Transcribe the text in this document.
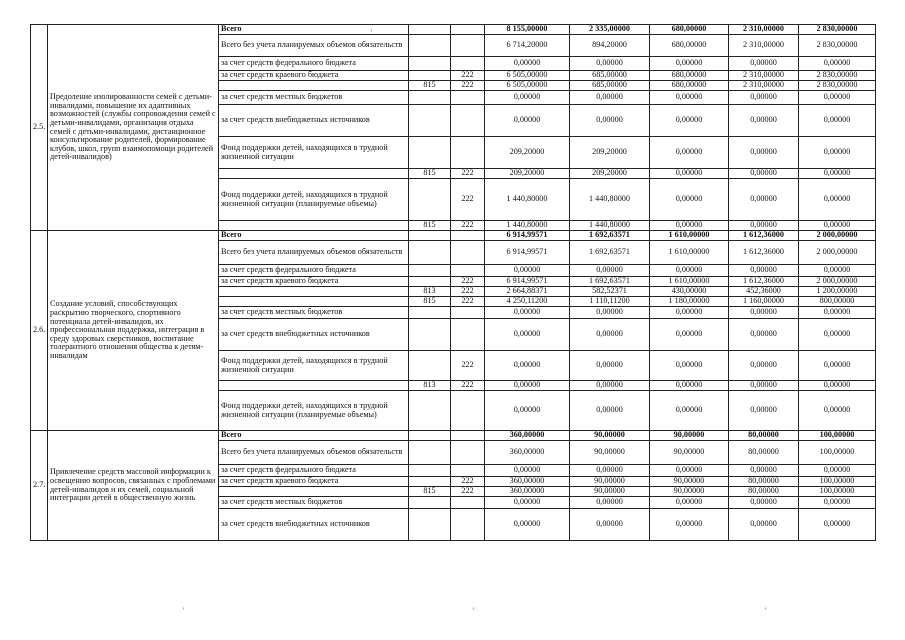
2.5.	Предоление изолированности семей с детьми-инвалидами, повышение их адаптивных возможностей (службы сопровождения семей с детьми-инвалидами, организация отдыха семей с детьми-инвалидами, дистанционное консультирование родителей, формирование клубов, школ, групп взаимопомощи родителей детей-инвалидов)	Всего			8 155,00000	2 335,00000	680,00000	2 310,00000	2 830,00000
		Всего без учета планируемых объемов обязательств			6 714,20000	894,20000	680,00000	2 310,00000	2 830,00000
		за счет средств федерального бюджета			0,00000	0,00000	0,00000	0,00000	0,00000
		за счет средств краевого бюджета		222	6 505,00000	685,00000	680,00000	2 310,00000	2 830,00000
			815	222	6 505,00000	685,00000	680,00000	2 310,00000	2 830,00000
		за счет средств местных бюджетов			0,00000	0,00000	0,00000	0,00000	0,00000
		за счет средств внебюджетных источников			0,00000	0,00000	0,00000	0,00000	0,00000
		Фонд поддержки детей, находящихся в трудной жизненной ситуации			209,20000	209,20000	0,00000	0,00000	0,00000
			815	222	209,20000	209,20000	0,00000	0,00000	0,00000
		Фонд поддержки детей, находящихся в трудной жизненной ситуации (планируемые объемы)		222	1 440,80000	1 440,80000	0,00000	0,00000	0,00000
			815	222	1 440,80000	1 440,80000	0,00000	0,00000	0,00000
2.6.	Создание условий, способствующих раскрытию творческого, спортивного потенциала детей-инвалидов, их профессиональная поддержка, интеграция в среду здоровых сверстников, воспитание толерантного отношения общества к детям-инвалидам	Всего			6 914,99571	1 692,63571	1 610,00000	1 612,36000	2 000,00000
		Всего без учета планируемых объемов обязательств			6 914,99571	1 692,63571	1 610,00000	1 612,36000	2 000,00000
		за счет средств федерального бюджета			0,00000	0,00000	0,00000	0,00000	0,00000
		за счет средств краевого бюджета		222	6 914,99571	1 692,63571	1 610,00000	1 612,36000	2 000,00000
			813	222	2 664,88371	582,52371	430,00000	452,36000	1 200,00000
			815	222	4 250,11200	1 110,11200	1 180,00000	1 160,00000	800,00000
		за счет средств местных бюджетов			0,00000	0,00000	0,00000	0,00000	0,00000
		за счет средств внебюджетных источников			0,00000	0,00000	0,00000	0,00000	0,00000
		Фонд поддержки детей, находящихся в трудной жизненной ситуации		222	0,00000	0,00000	0,00000	0,00000	0,00000
			813	222	0,00000	0,00000	0,00000	0,00000	0,00000
		Фонд поддержки детей, находящихся в трудной жизненной ситуации (планируемые объемы)			0,00000	0,00000	0,00000	0,00000	0,00000
2.7.	Привлечение средств массовой информации к освещению вопросов, связанных с проблемами детей-инвалидов и их семей, социальной интеграции детей в общественную жизнь	Всего			360,00000	90,00000	90,00000	80,00000	100,00000
		Всего без учета планируемых объемов обязательств			360,00000	90,00000	90,00000	80,00000	100,00000
		за счет средств федерального бюджета			0,00000	0,00000	0,00000	0,00000	0,00000
		за счет средств краевого бюджета		222	360,00000	90,00000	90,00000	80,00000	100,00000
			815	222	360,00000	90,00000	90,00000	80,00000	100,00000
		за счет средств местных бюджетов			0,00000	0,00000	0,00000	0,00000	0,00000
		за счет средств внебюджетных источников			0,00000	0,00000	0,00000	0,00000	0,00000
’
’	’	’
